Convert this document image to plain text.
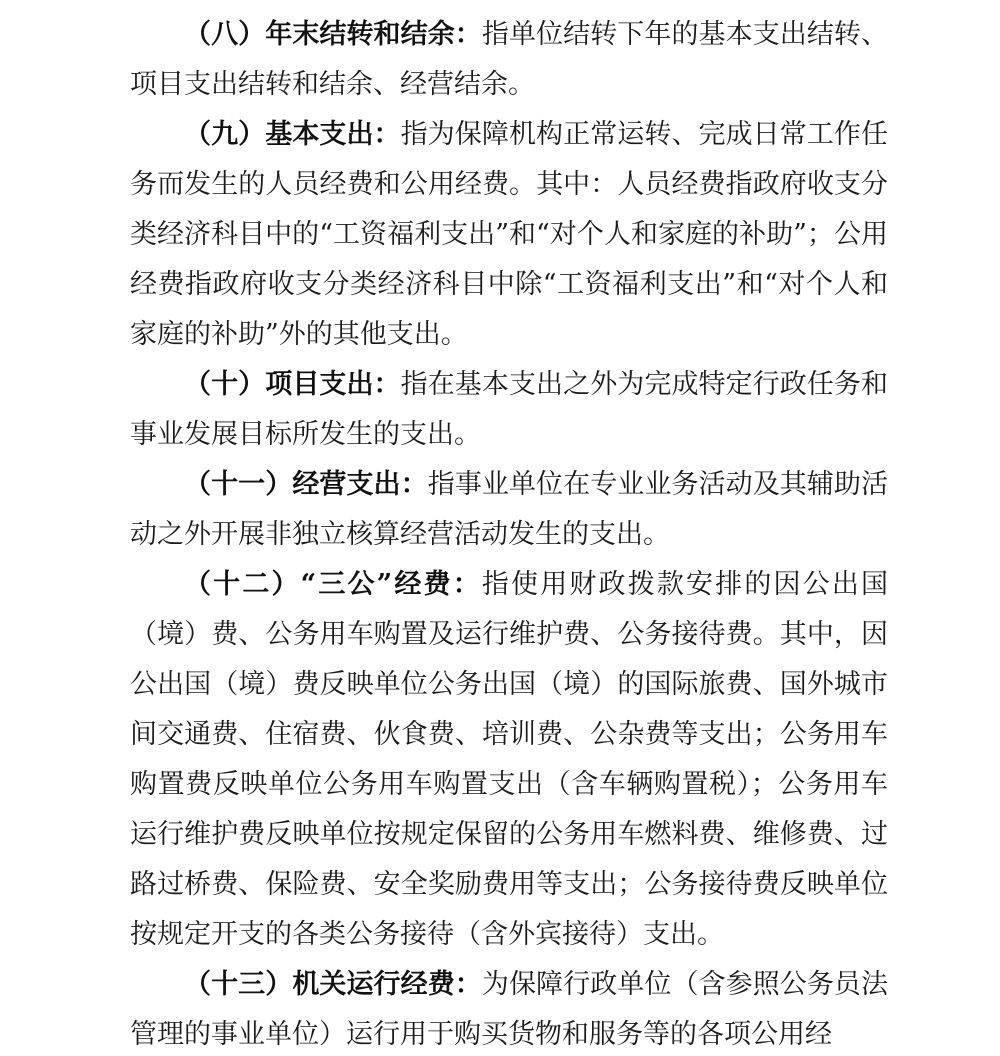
（八）年末结转和结余：指单位结转下年的基本支出结转、项目支出结转和结余、经营结余。

（九）基本支出：指为保障机构正常运转、完成日常工作任务而发生的人员经费和公用经费。其中：人员经费指政府收支分类经济科目中的“工资福利支出”和“对个人和家庭的补助”；公用经费指政府收支分类经济科目中除“工资福利支出”和“对个人和家庭的补助”外的其他支出。

（十）项目支出：指在基本支出之外为完成特定行政任务和事业发展目标所发生的支出。

（十一）经营支出：指事业单位在专业业务活动及其辅助活动之外开展非独立核算经营活动发生的支出。

（十二）“三公”经费：指使用财政拨款安排的因公出国（境）费、公务用车购置及运行维护费、公务接待费。其中，因公出国（境）费反映单位公务出国（境）的国际旅费、国外城市间交通费、住宿费、伙食费、培训费、公杂费等支出；公务用车购置费反映单位公务用车购置支出（含车辆购置税）；公务用车运行维护费反映单位按规定保留的公务用车燃料费、维修费、过路过桥费、保险费、安全奖励费用等支出；公务接待费反映单位按规定开支的各类公务接待（含外宾接待）支出。

（十三）机关运行经费：为保障行政单位（含参照公务员法管理的事业单位）运行用于购买货物和服务等的各项公用经
